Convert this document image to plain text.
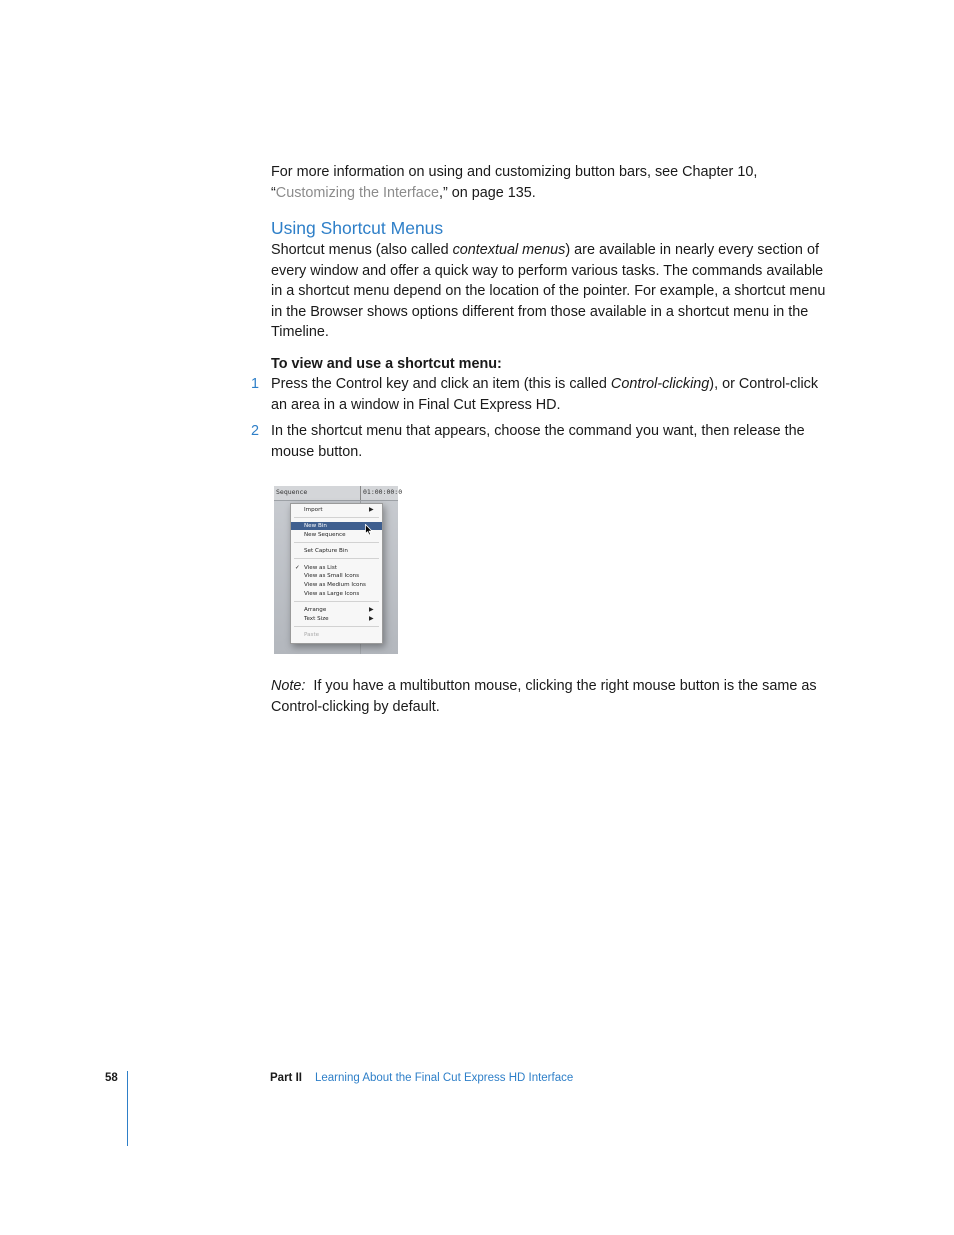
For more information on using and customizing button bars, see Chapter 10,
“Customizing the Interface,” on page 135.

Using Shortcut Menus

Shortcut menus (also called contextual menus) are available in nearly every section of every window and offer a quick way to perform various tasks. The commands available in a shortcut menu depend on the location of the pointer. For example, a shortcut menu in the Browser shows options different from those available in a shortcut menu in the Timeline.

To view and use a shortcut menu:

1 Press the Control key and click an item (this is called Control-clicking), or Control-click an area in a window in Final Cut Express HD.

2 In the shortcut menu that appears, choose the command you want, then release the mouse button.

Sequence	01:00:00:0
Import	▶
New Bin
New Sequence
Set Capture Bin
✓ View as List
View as Small Icons
View as Medium Icons
View as Large Icons
Arrange	▶
Text Size	▶
Paste

Note: If you have a multibutton mouse, clicking the right mouse button is the same as Control-clicking by default.

58	Part II Learning About the Final Cut Express HD Interface
